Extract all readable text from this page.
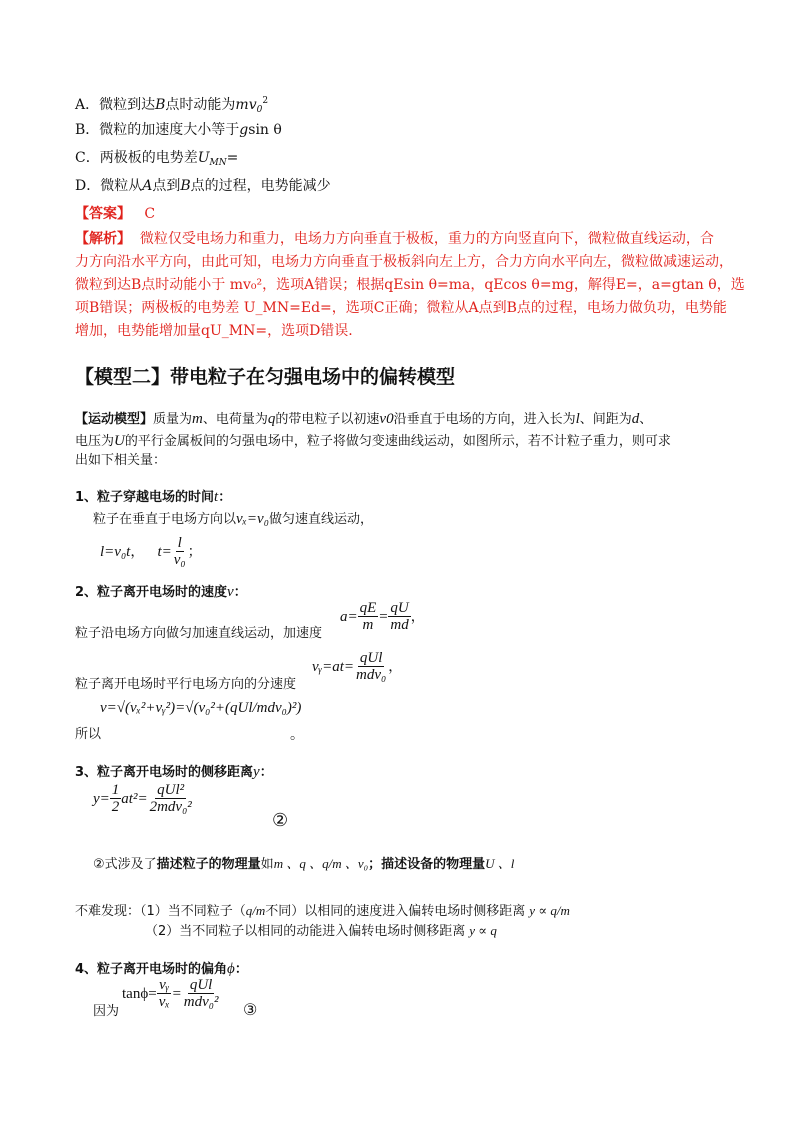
A．微粒到达B点时动能为$mv_0^2$
B．微粒的加速度大小等于gsin θ
C．两极板的电势差$U_{MN}=$
D．微粒从A点到B点的过程，电势能减少
【答案】 C
【解析】 微粒仅受电场力和重力，电场力方向垂直于极板，重力的方向竖直向下，微粒做直线运动，合
力方向沿水平方向，由此可知，电场力方向垂直于极板斜向左上方，合力方向水平向左，微粒做减速运动，
微粒到达B点时动能小于 mv₀²，选项A错误；根据qEsin θ=ma，qEcos θ=mg，解得E=，a=gtan θ，选
项B错误；两极板的电势差 U_MN=Ed=，选项C正确；微粒从A点到B点的过程，电场力做负功，电势能
增加，电势能增加量qU_MN=，选项D错误.
【模型二】带电粒子在匀强电场中的偏转模型
【运动模型】质量为m、电荷量为q的带电粒子以初速v0沿垂直于电场的方向，进入长为l、间距为d、
电压为U的平行金属板间的匀强电场中，粒子将做匀变速曲线运动，如图所示，若不计粒子重力，则可求
出如下相关量：
1、粒子穿越电场的时间t：
粒子在垂直于电场方向以vₓ=v₀做匀速直线运动，
l=v₀t， $t= \frac{l}{\text{v₀}}$ ；
2、粒子离开电场时的速度v：
$a= \frac{qE}{m} = \frac{qU}{md}$ ，
粒子沿电场方向做匀加速直线运动，加速度
vᵧ=at= $\frac{\text{qUl}}{\text{mdv₀}}$ ，
粒子离开电场时平行电场方向的分速度
v=√(vₓ²+vᵧ²)=√(v₀²+(qUl/mdv₀)²)
所以	。
3、粒子离开电场时的侧移距离y：
$y= \frac{1}{2} at^2= \frac{\text{qUl²}}{\text{2mdv₀²}}$
②
②式涉及了描述粒子的物理量如m 、q 、q/m 、v₀；描述设备的物理量U 、l
不难发现：（1）当不同粒子（q/m不同）以相同的速度进入偏转电场时侧移距离 y ∝ q/m
（2）当不同粒子以相同的动能进入偏转电场时侧移距离 y ∝ q
4、粒子离开电场时的偏角ϕ：
$\tan\phi= \frac{\text{vᵧ}}{\text{vₓ}} = \frac{\text{qUl}}{\text{mdv₀²}}$
因为	③
